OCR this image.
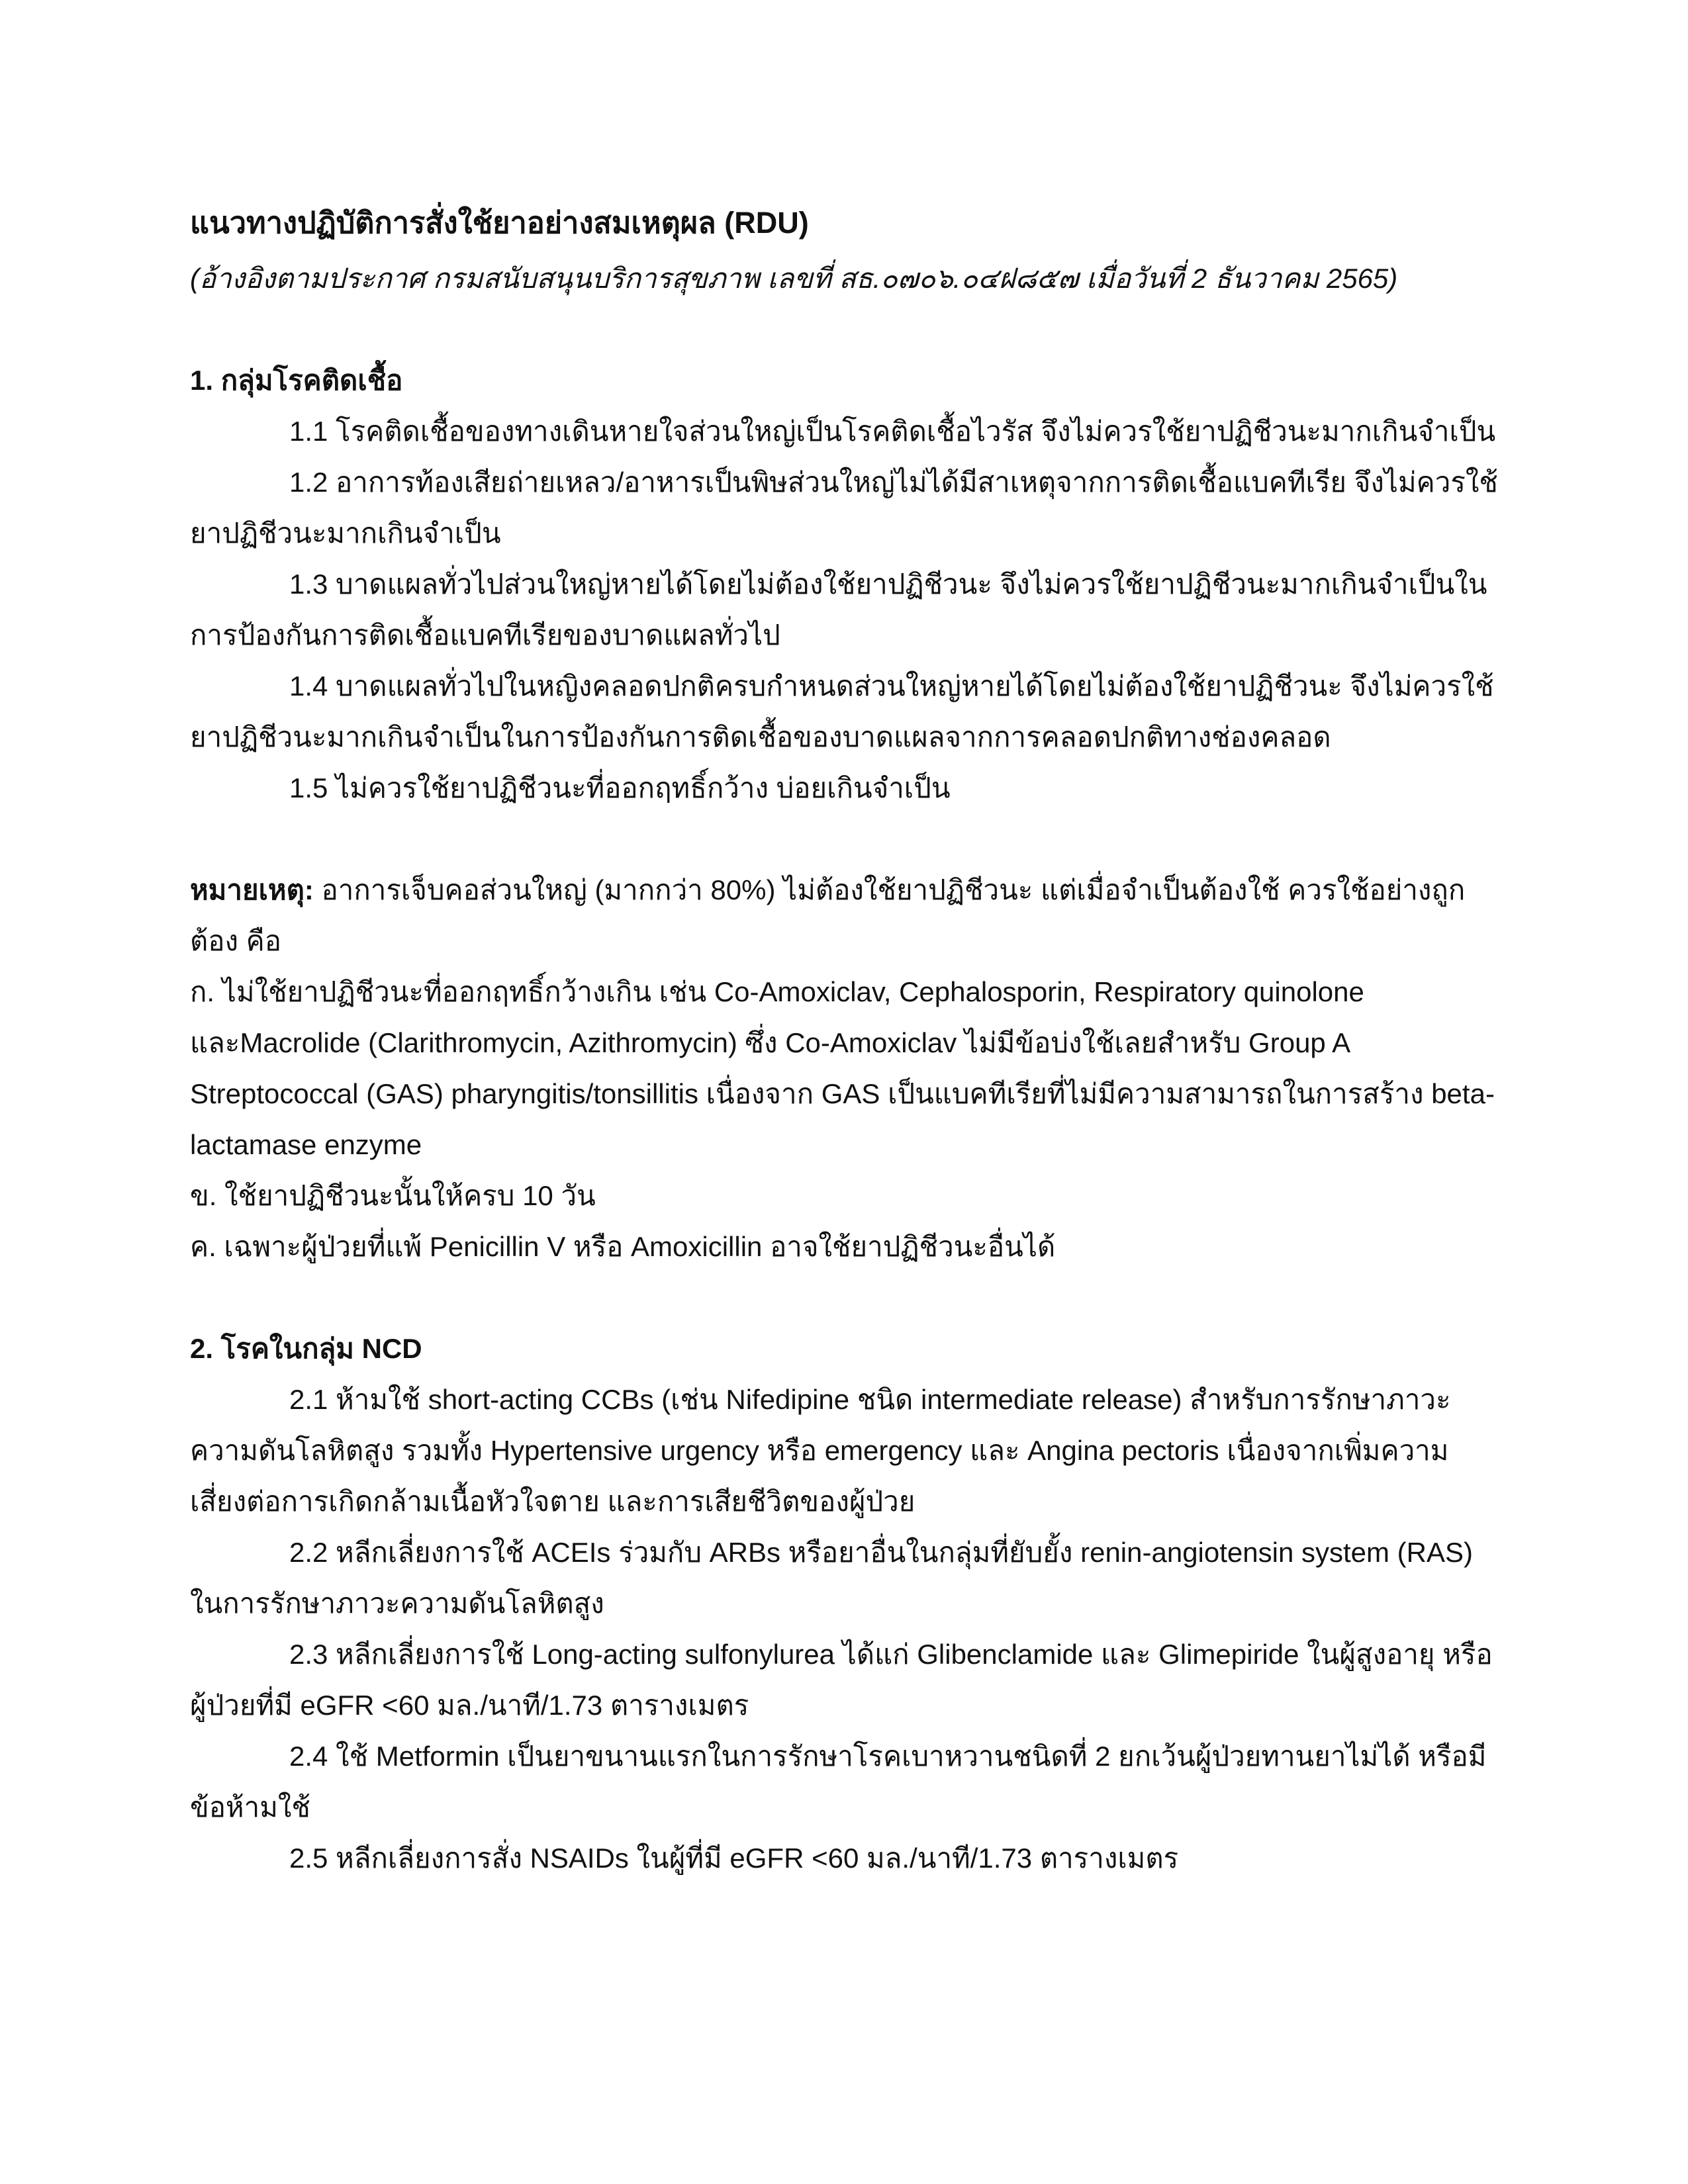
แนวทางปฏิบัติการสั่งใช้ยาอย่างสมเหตุผล (RDU)
(อ้างอิงตามประกาศ กรมสนับสนุนบริการสุขภาพ เลขที่ สธ.๐๗๐๖.๐๔ฝ๘๕๗ เมื่อวันที่ 2 ธันวาคม 2565)
1. กลุ่มโรคติดเชื้อ

1.1 โรคติดเชื้อของทางเดินหายใจส่วนใหญ่เป็นโรคติดเชื้อไวรัส จึงไม่ควรใช้ยาปฏิชีวนะมากเกินจำเป็น

1.2 อาการท้องเสียถ่ายเหลว/อาหารเป็นพิษส่วนใหญ่ไม่ได้มีสาเหตุจากการติดเชื้อแบคทีเรีย จึงไม่ควรใช้ยาปฏิชีวนะมากเกินจำเป็น

1.3 บาดแผลทั่วไปส่วนใหญ่หายได้โดยไม่ต้องใช้ยาปฏิชีวนะ จึงไม่ควรใช้ยาปฏิชีวนะมากเกินจำเป็นในการป้องกันการติดเชื้อแบคทีเรียของบาดแผลทั่วไป

1.4 บาดแผลทั่วไปในหญิงคลอดปกติครบกำหนดส่วนใหญ่หายได้โดยไม่ต้องใช้ยาปฏิชีวนะ จึงไม่ควรใช้ยาปฏิชีวนะมากเกินจำเป็นในการป้องกันการติดเชื้อของบาดแผลจากการคลอดปกติทางช่องคลอด

1.5 ไม่ควรใช้ยาปฏิชีวนะที่ออกฤทธิ์กว้าง บ่อยเกินจำเป็น

หมายเหตุ: อาการเจ็บคอส่วนใหญ่ (มากกว่า 80%) ไม่ต้องใช้ยาปฏิชีวนะ แต่เมื่อจำเป็นต้องใช้ ควรใช้อย่างถูกต้อง คือ

ก. ไม่ใช้ยาปฏิชีวนะที่ออกฤทธิ์กว้างเกิน เช่น Co-Amoxiclav, Cephalosporin, Respiratory quinolone และMacrolide (Clarithromycin, Azithromycin) ซึ่ง Co-Amoxiclav ไม่มีข้อบ่งใช้เลยสำหรับ Group A Streptococcal (GAS) pharyngitis/tonsillitis เนื่องจาก GAS เป็นแบคทีเรียที่ไม่มีความสามารถในการสร้าง beta-lactamase enzyme

ข. ใช้ยาปฏิชีวนะนั้นให้ครบ 10 วัน

ค. เฉพาะผู้ป่วยที่แพ้ Penicillin V หรือ Amoxicillin อาจใช้ยาปฏิชีวนะอื่นได้

2. โรคในกลุ่ม NCD

2.1 ห้ามใช้ short-acting CCBs (เช่น Nifedipine ชนิด intermediate release) สำหรับการรักษาภาวะความดันโลหิตสูง รวมทั้ง Hypertensive urgency หรือ emergency และ Angina pectoris เนื่องจากเพิ่มความเสี่ยงต่อการเกิดกล้ามเนื้อหัวใจตาย และการเสียชีวิตของผู้ป่วย

2.2 หลีกเลี่ยงการใช้ ACEIs ร่วมกับ ARBs หรือยาอื่นในกลุ่มที่ยับยั้ง renin-angiotensin system (RAS) ในการรักษาภาวะความดันโลหิตสูง

2.3 หลีกเลี่ยงการใช้ Long-acting sulfonylurea ได้แก่ Glibenclamide และ Glimepiride ในผู้สูงอายุ หรือผู้ป่วยที่มี eGFR <60 มล./นาที/1.73 ตารางเมตร

2.4 ใช้ Metformin เป็นยาขนานแรกในการรักษาโรคเบาหวานชนิดที่ 2 ยกเว้นผู้ป่วยทานยาไม่ได้ หรือมีข้อห้ามใช้

2.5 หลีกเลี่ยงการสั่ง NSAIDs ในผู้ที่มี eGFR <60 มล./นาที/1.73 ตารางเมตร
